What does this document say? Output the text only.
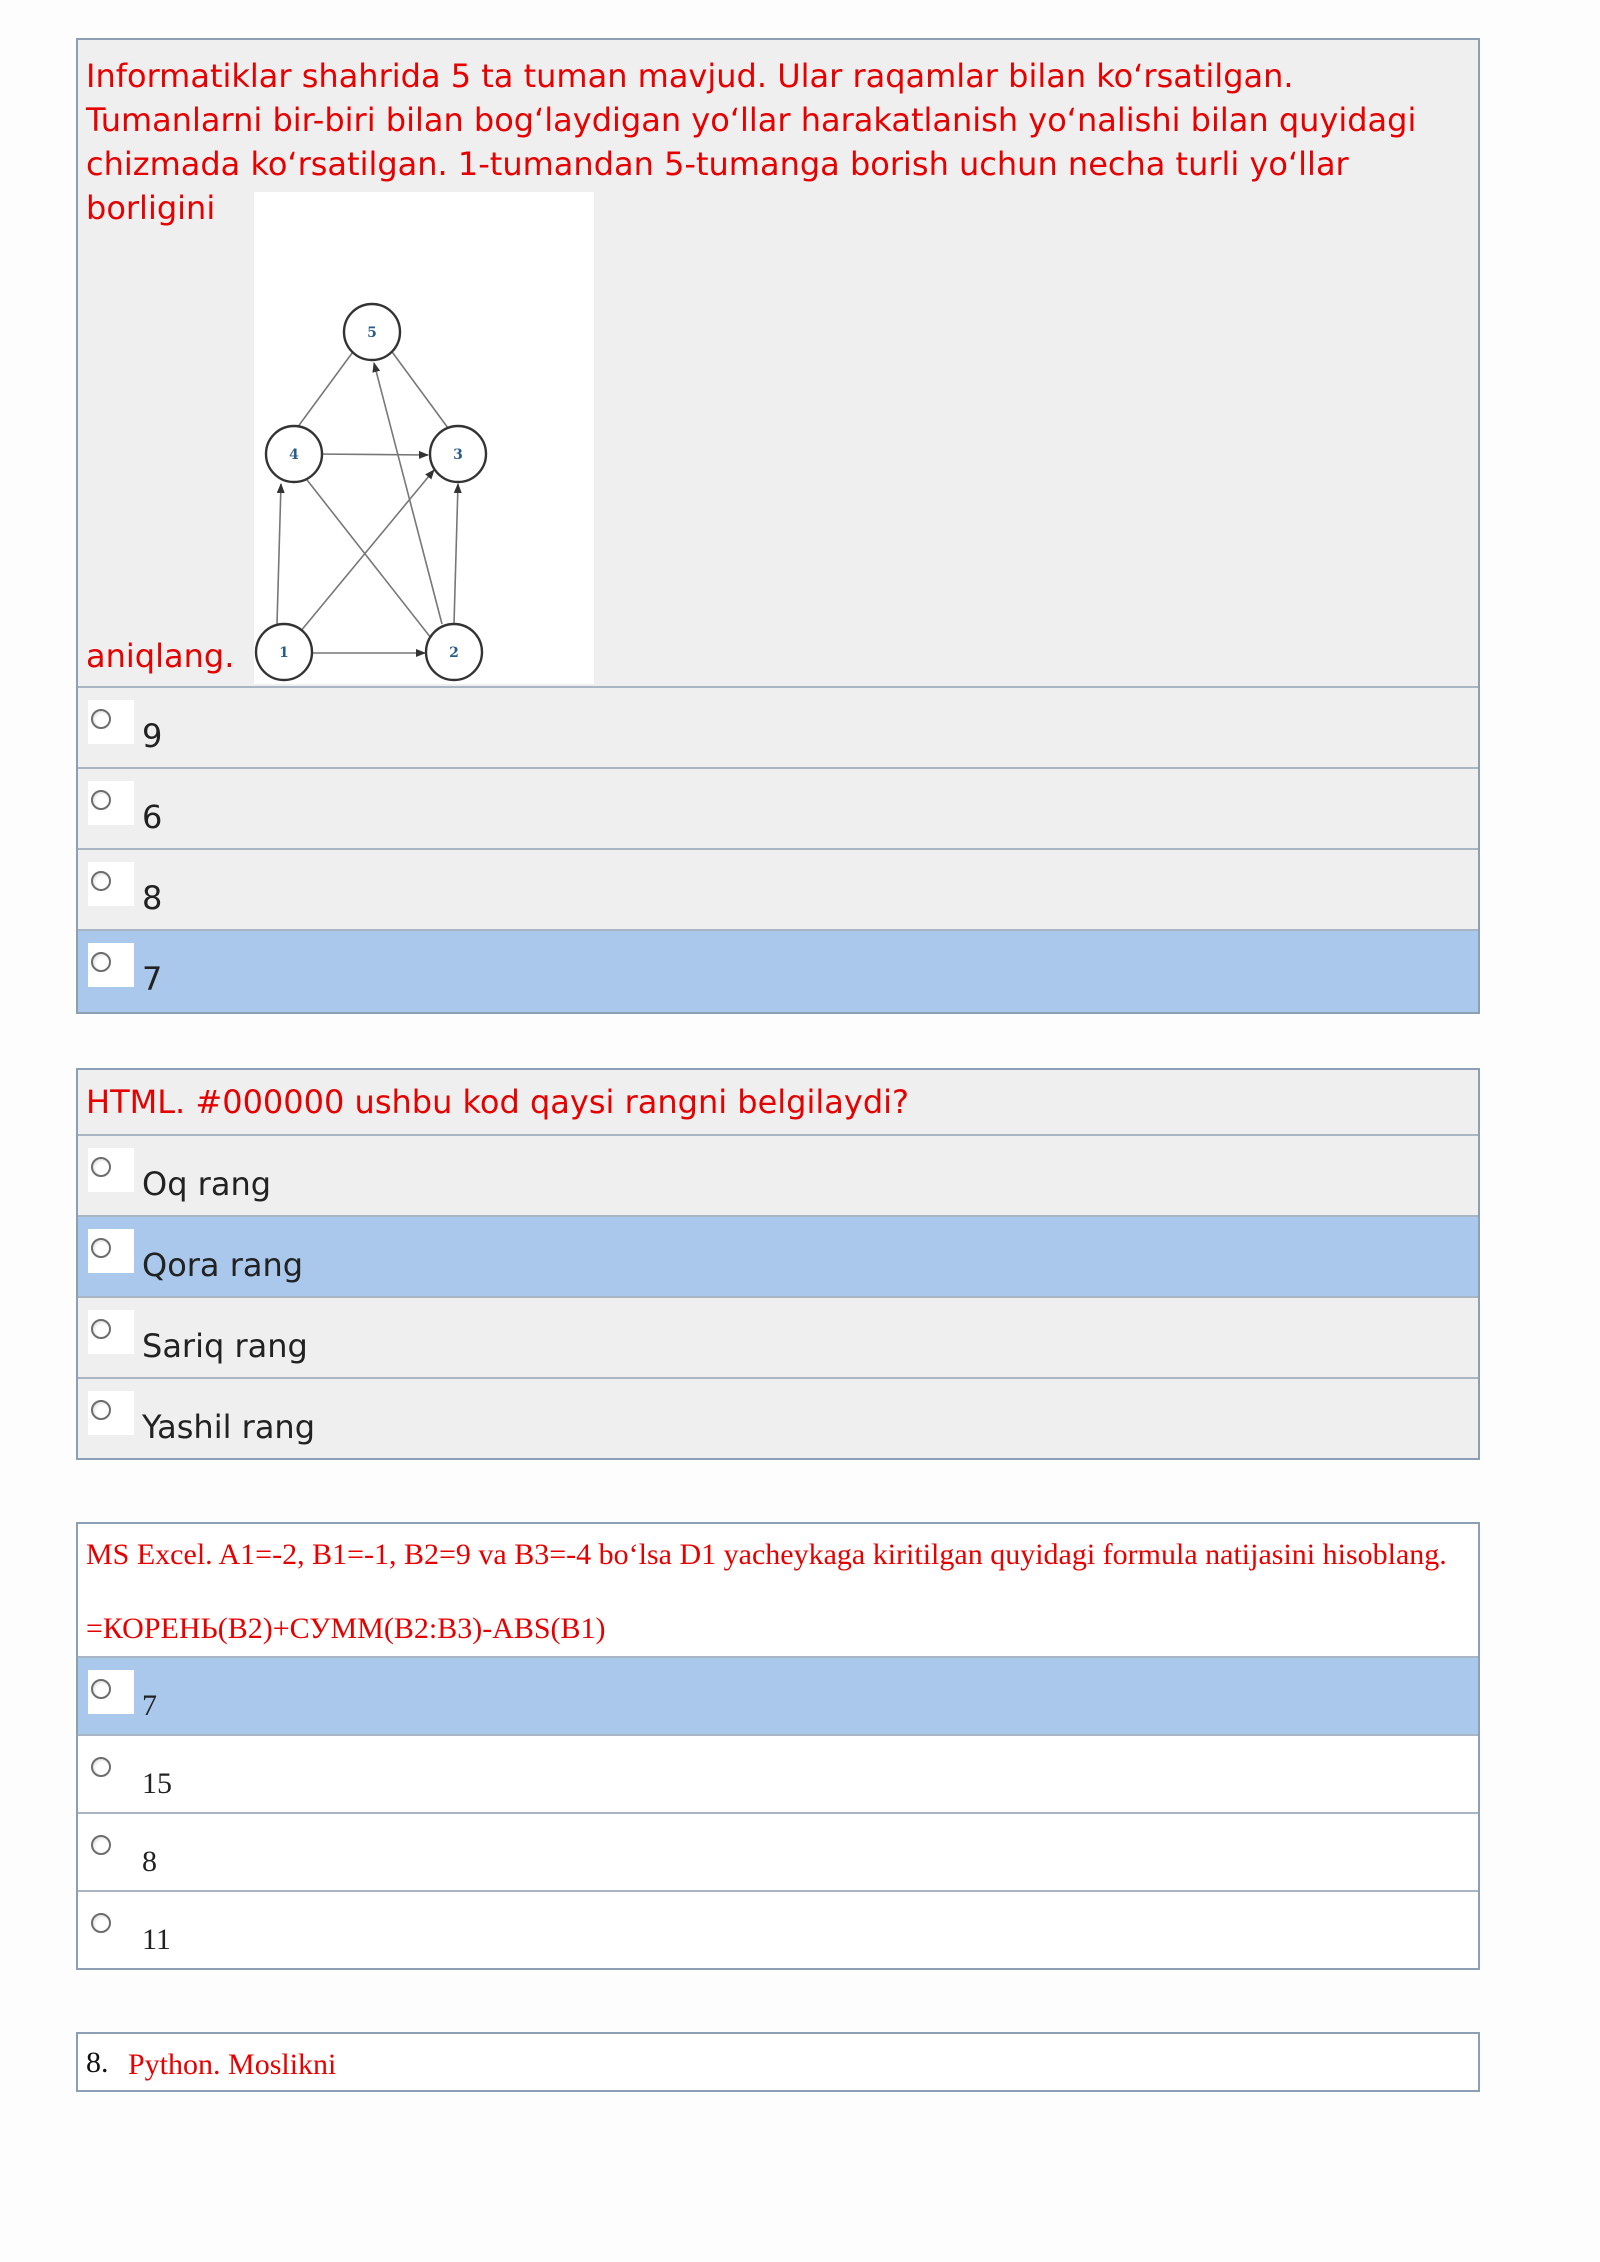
Informatiklar shahrida 5 ta tuman mavjud. Ular raqamlar bilan ko‘rsatilgan. Tumanlarni bir-biri bilan bog‘laydigan yo‘llar harakatlanish yo‘nalishi bilan quyidagi chizmada ko‘rsatilgan. 1-tumandan 5-tumanga borish uchun necha turli yo‘llar borligini
5
4	3
1	2
aniqlang.
9
6
8
7
HTML. #000000 ushbu kod qaysi rangni belgilaydi?
Oq rang
Qora rang
Sariq rang
Yashil rang
MS Excel. A1=-2, B1=-1, B2=9 va B3=-4 bo‘lsa D1 yacheykaga kiritilgan quyidagi formula natijasini hisoblang.
=КОРЕНЬ(B2)+СУММ(B2:B3)-ABS(B1)
7
15
8
11
8. Python. Moslikni
